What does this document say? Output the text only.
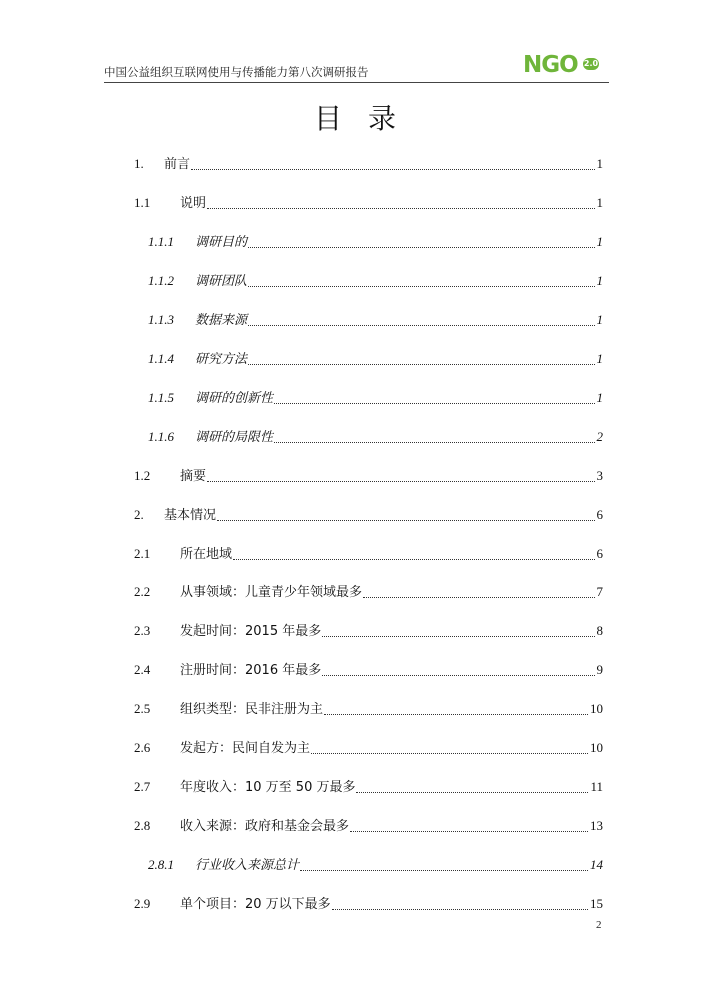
中国公益组织互联网使用与传播能力第八次调研报告	NGO 2.0
目录
1.	前言	1
1.1	说明	1
1.1.1	调研目的	1
1.1.2	调研团队	1
1.1.3	数据来源	1
1.1.4	研究方法	1
1.1.5	调研的创新性	1
1.1.6	调研的局限性	2
1.2	摘要	3
2.	基本情况	6
2.1	所在地域	6
2.2	从事领域：儿童青少年领域最多	7
2.3	发起时间：2015 年最多	8
2.4	注册时间：2016 年最多	9
2.5	组织类型：民非注册为主	10
2.6	发起方：民间自发为主	10
2.7	年度收入：10 万至 50 万最多	11
2.8	收入来源：政府和基金会最多	13
2.8.1	行业收入来源总计	14
2.9	单个项目：20 万以下最多	15
2
